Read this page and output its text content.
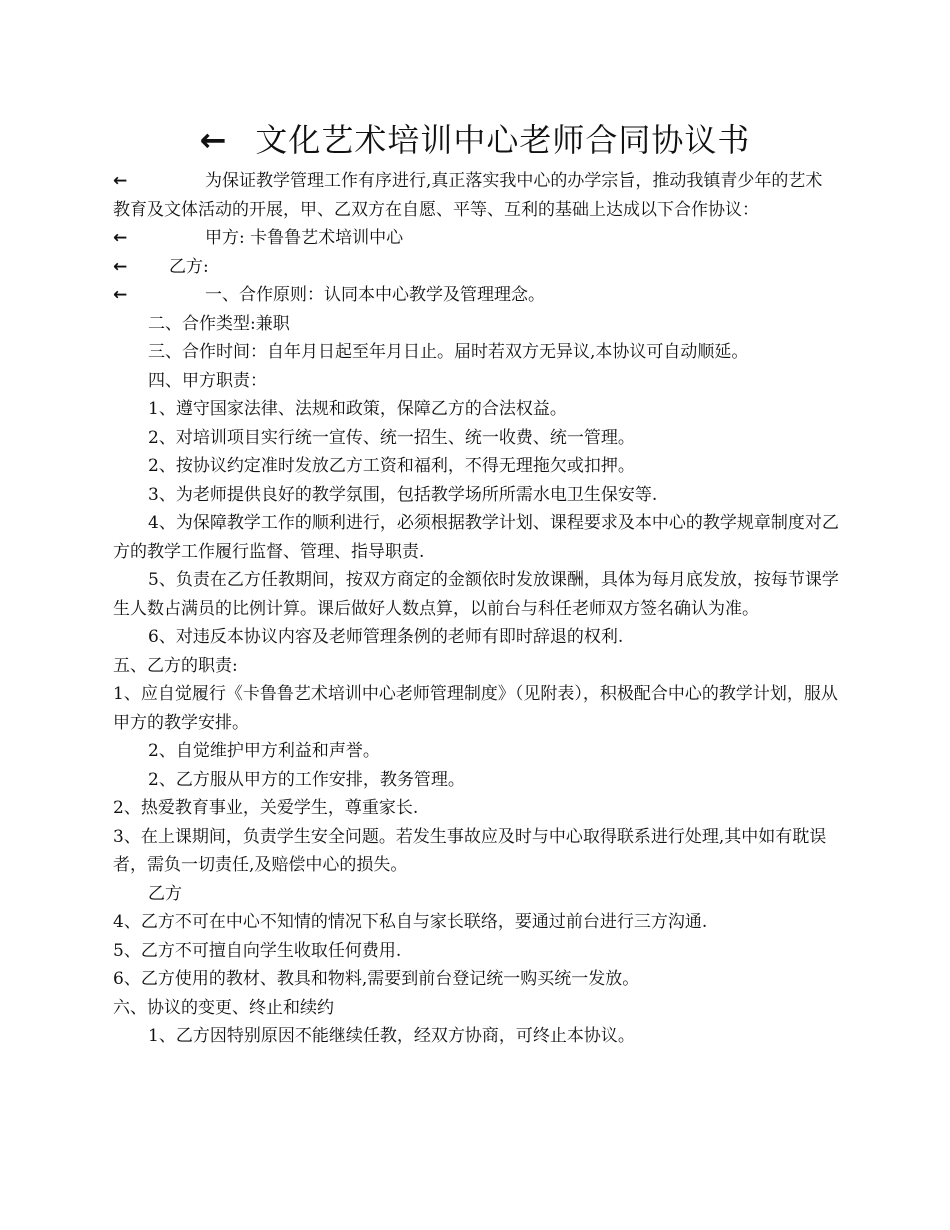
← 文化艺术培训中心老师合同协议书

←	为保证教学管理工作有序进行,真正落实我中心的办学宗旨，推动我镇青少年的艺术教育及文体活动的开展，甲、乙双方在自愿、平等、互利的基础上达成以下合作协议：

←	甲方: 卡鲁鲁艺术培训中心

← 乙方:

←	一、合作原则：认同本中心教学及管理理念。

二、合作类型:兼职

三、合作时间：自年月日起至年月日止。届时若双方无异议,本协议可自动顺延。

四、甲方职责：

1、遵守国家法律、法规和政策，保障乙方的合法权益。

2、对培训项目实行统一宣传、统一招生、统一收费、统一管理。

2、按协议约定准时发放乙方工资和福利，不得无理拖欠或扣押。

3、为老师提供良好的教学氛围，包括教学场所所需水电卫生保安等.

4、为保障教学工作的顺利进行，必须根据教学计划、课程要求及本中心的教学规章制度对乙方的教学工作履行监督、管理、指导职责.

5、负责在乙方任教期间，按双方商定的金额依时发放课酬，具体为每月底发放，按每节课学生人数占满员的比例计算。课后做好人数点算，以前台与科任老师双方签名确认为准。

6、对违反本协议内容及老师管理条例的老师有即时辞退的权利.

五、乙方的职责:

1、应自觉履行《卡鲁鲁艺术培训中心老师管理制度》（见附表），积极配合中心的教学计划，服从甲方的教学安排。

2、自觉维护甲方利益和声誉。

2、乙方服从甲方的工作安排，教务管理。

2、热爱教育事业，关爱学生，尊重家长.

3、在上课期间，负责学生安全问题。若发生事故应及时与中心取得联系进行处理,其中如有耽误者，需负一切责任,及赔偿中心的损失。

乙方

4、乙方不可在中心不知情的情况下私自与家长联络，要通过前台进行三方沟通.

5、乙方不可擅自向学生收取任何费用.

6、乙方使用的教材、教具和物料,需要到前台登记统一购买统一发放。

六、协议的变更、终止和续约

1、乙方因特别原因不能继续任教，经双方协商，可终止本协议。
